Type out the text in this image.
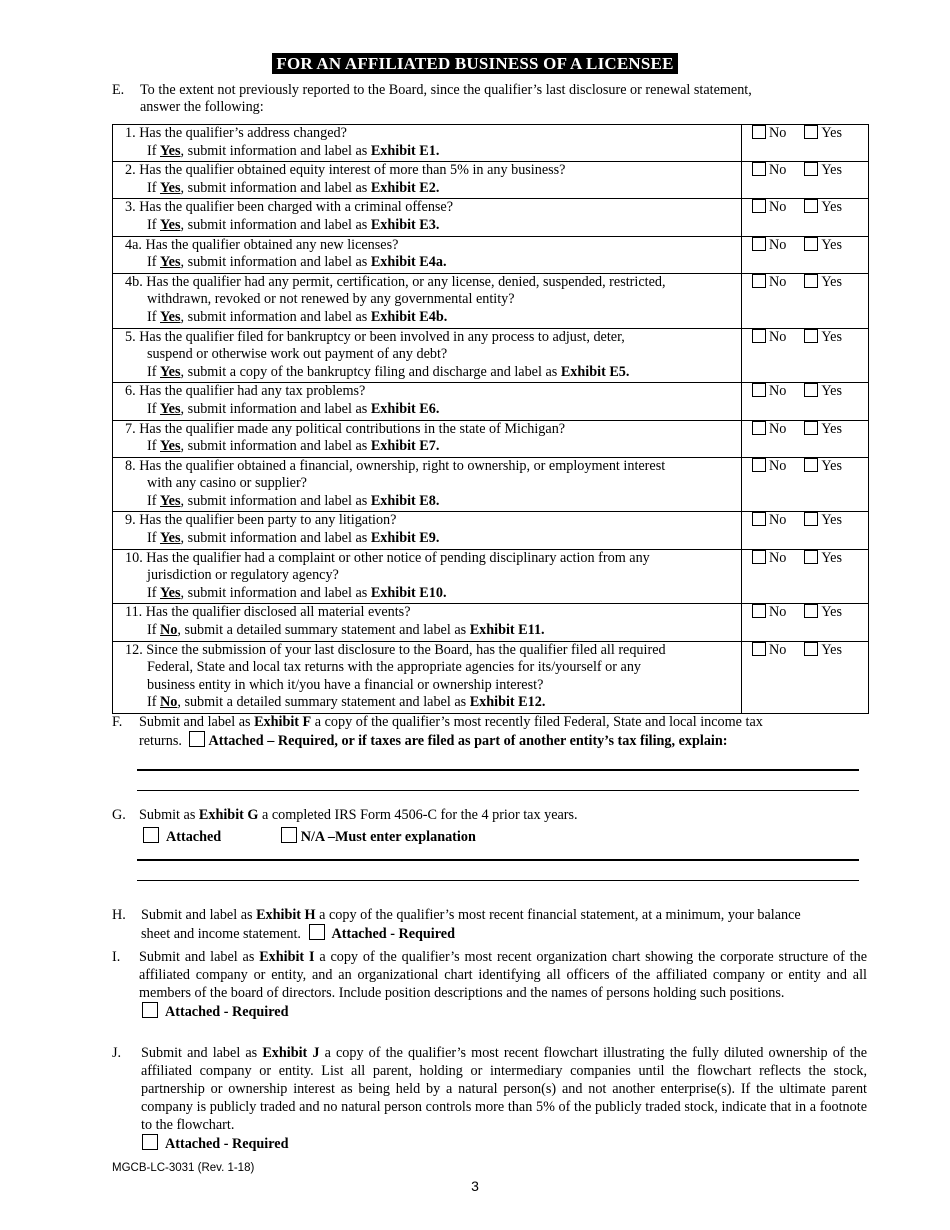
FOR AN AFFILIATED BUSINESS OF A LICENSEE
E. To the extent not previously reported to the Board, since the qualifier’s last disclosure or renewal statement,
answer the following:
1. Has the qualifier’s address changed?
If Yes, submit information and label as Exhibit E1.	No Yes

2. Has the qualifier obtained equity interest of more than 5% in any business?
If Yes, submit information and label as Exhibit E2.	No Yes

3. Has the qualifier been charged with a criminal offense?
If Yes, submit information and label as Exhibit E3.	No Yes

4a. Has the qualifier obtained any new licenses?
If Yes, submit information and label as Exhibit E4a.	No Yes

4b. Has the qualifier had any permit, certification, or any license, denied, suspended, restricted,
withdrawn, revoked or not renewed by any governmental entity?
If Yes, submit information and label as Exhibit E4b.	No Yes

5. Has the qualifier filed for bankruptcy or been involved in any process to adjust, deter,
suspend or otherwise work out payment of any debt?
If Yes, submit a copy of the bankruptcy filing and discharge and label as Exhibit E5.	No Yes

6. Has the qualifier had any tax problems?
If Yes, submit information and label as Exhibit E6.	No Yes

7. Has the qualifier made any political contributions in the state of Michigan?
If Yes, submit information and label as Exhibit E7.	No Yes

8. Has the qualifier obtained a financial, ownership, right to ownership, or employment interest
with any casino or supplier?
If Yes, submit information and label as Exhibit E8.	No Yes

9. Has the qualifier been party to any litigation?
If Yes, submit information and label as Exhibit E9.	No Yes

10. Has the qualifier had a complaint or other notice of pending disciplinary action from any
jurisdiction or regulatory agency?
If Yes, submit information and label as Exhibit E10.	No Yes

11. Has the qualifier disclosed all material events?
If No, submit a detailed summary statement and label as Exhibit E11.	No Yes

12. Since the submission of your last disclosure to the Board, has the qualifier filed all required
Federal, State and local tax returns with the appropriate agencies for its/yourself or any
business entity in which it/you have a financial or ownership interest?
If No, submit a detailed summary statement and label as Exhibit E12.	No Yes
F. Submit and label as Exhibit F a copy of the qualifier’s most recently filed Federal, State and local income tax
returns. Attached – Required, or if taxes are filed as part of another entity’s tax filing, explain:
G. Submit as Exhibit G a completed IRS Form 4506-C for the 4 prior tax years.
Attached	N/A –Must enter explanation
H. Submit and label as Exhibit H a copy of the qualifier’s most recent financial statement, at a minimum, your balance
sheet and income statement. Attached - Required
I. Submit and label as Exhibit I a copy of the qualifier’s most recent organization chart showing the corporate structure of the affiliated company or entity, and an organizational chart identifying all officers of the affiliated company or entity and all members of the board of directors. Include position descriptions and the names of persons holding such positions.
Attached - Required
J. Submit and label as Exhibit J a copy of the qualifier’s most recent flowchart illustrating the fully diluted ownership of the affiliated company or entity. List all parent, holding or intermediary companies until the flowchart reflects the stock, partnership or ownership interest as being held by a natural person(s) and not another enterprise(s). If the ultimate parent company is publicly traded and no natural person controls more than 5% of the publicly traded stock, indicate that in a footnote to the flowchart.
Attached - Required
MGCB-LC-3031 (Rev. 1-18)
3
